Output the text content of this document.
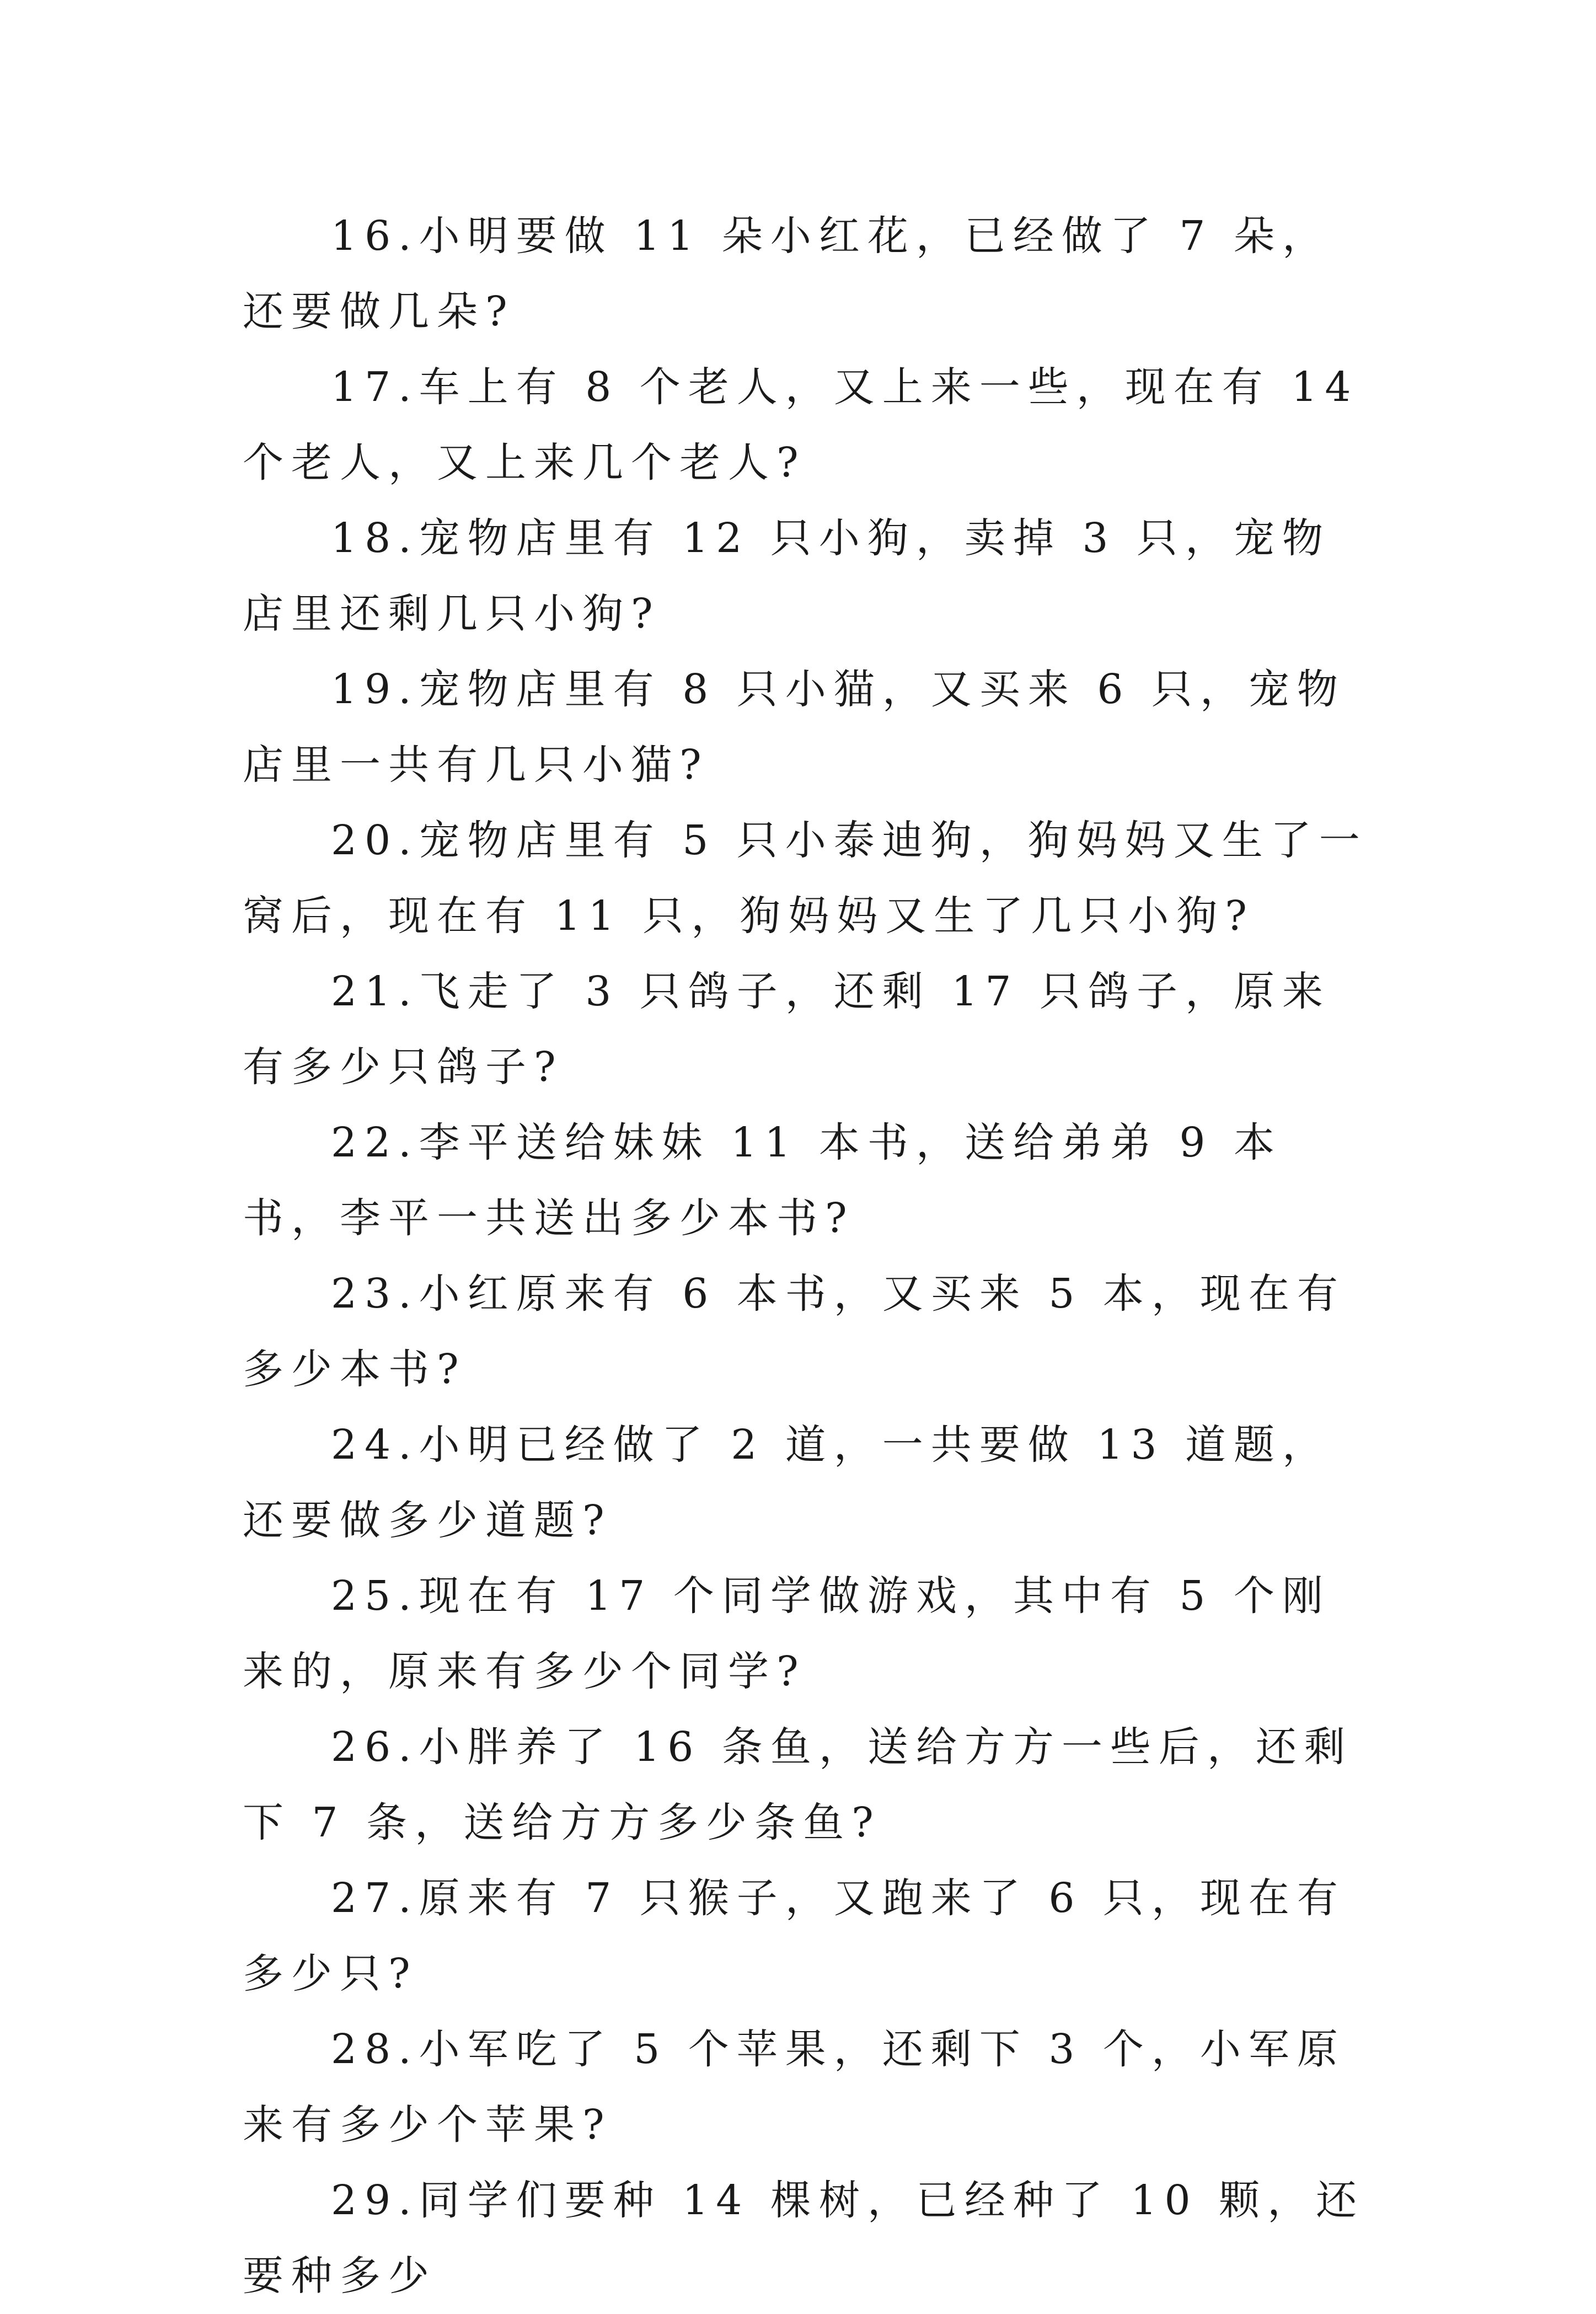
16.小明要做 11 朵小红花，已经做了 7 朵，还要做几朵?

17.车上有 8 个老人，又上来一些，现在有 14 个老人，又上来几个老人?

18.宠物店里有 12 只小狗，卖掉 3 只，宠物店里还剩几只小狗?

19.宠物店里有 8 只小猫，又买来 6 只，宠物店里一共有几只小猫?

20.宠物店里有 5 只小泰迪狗，狗妈妈又生了一窝后，现在有 11 只，狗妈妈又生了几只小狗?

21.飞走了 3 只鸽子，还剩 17 只鸽子，原来有多少只鸽子?

22.李平送给妹妹 11 本书，送给弟弟 9 本书，李平一共送出多少本书?

23.小红原来有 6 本书，又买来 5 本，现在有多少本书?

24.小明已经做了 2 道，一共要做 13 道题，还要做多少道题?

25.现在有 17 个同学做游戏，其中有 5 个刚来的，原来有多少个同学?

26.小胖养了 16 条鱼，送给方方一些后，还剩下 7 条，送给方方多少条鱼?

27.原来有 7 只猴子，又跑来了 6 只，现在有多少只?

28.小军吃了 5 个苹果，还剩下 3 个，小军原来有多少个苹果?

29.同学们要种 14 棵树，已经种了 10 颗，还要种多少
